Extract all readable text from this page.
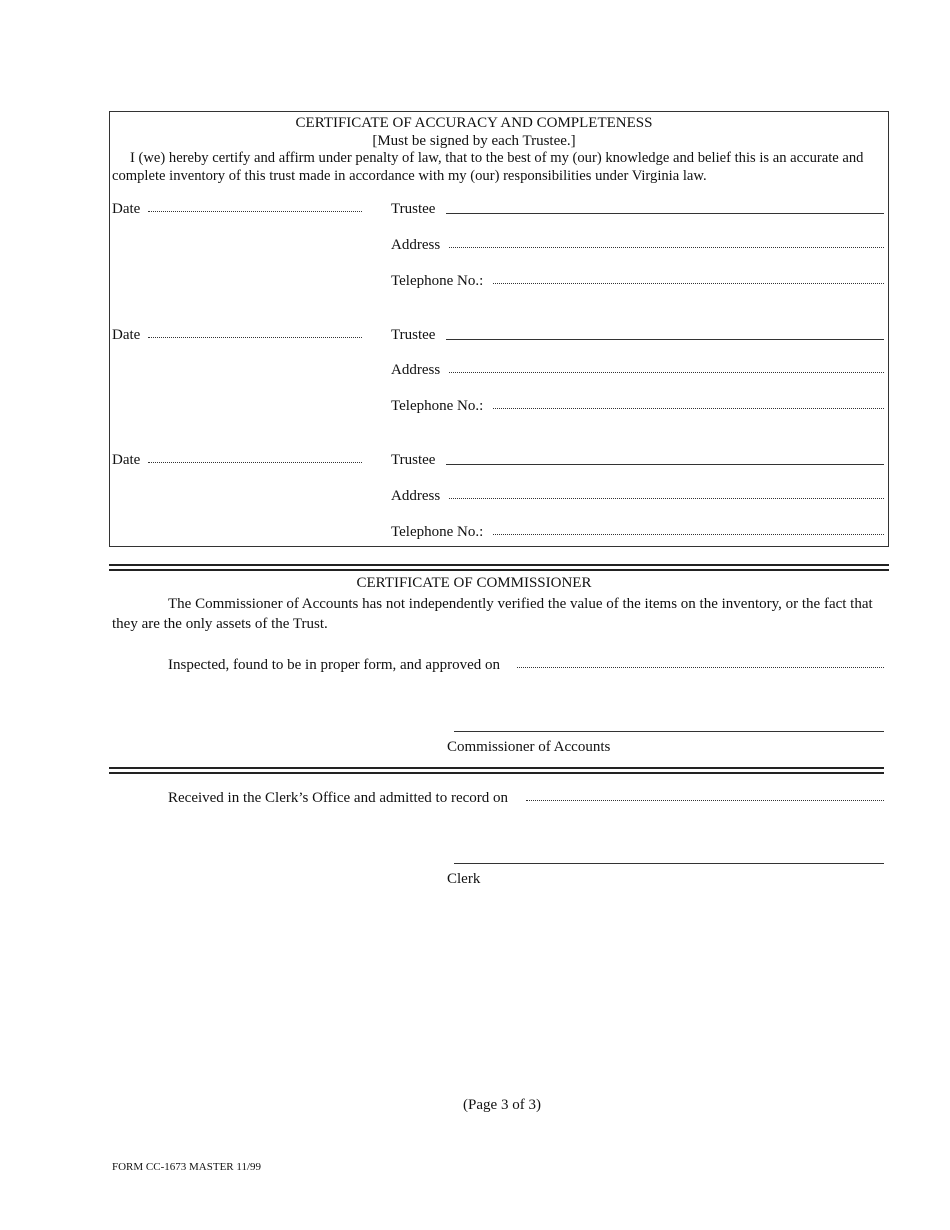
CERTIFICATE OF ACCURACY AND COMPLETENESS
[Must be signed by each Trustee.]
I (we) hereby certify and affirm under penalty of law, that to the best of my (our) knowledge and belief this is an accurate and complete inventory of this trust made in accordance with my (our) responsibilities under Virginia law.
Date	Trustee
Address
Telephone No.:
Date	Trustee
Address
Telephone No.:
Date	Trustee
Address
Telephone No.:
CERTIFICATE OF COMMISSIONER
The Commissioner of Accounts has not independently verified the value of the items on the inventory, or the fact that they are the only assets of the Trust.
Inspected, found to be in proper form, and approved on
Commissioner of Accounts
Received in the Clerk’s Office and admitted to record on
Clerk
(Page 3 of 3)
FORM CC-1673 MASTER 11/99
